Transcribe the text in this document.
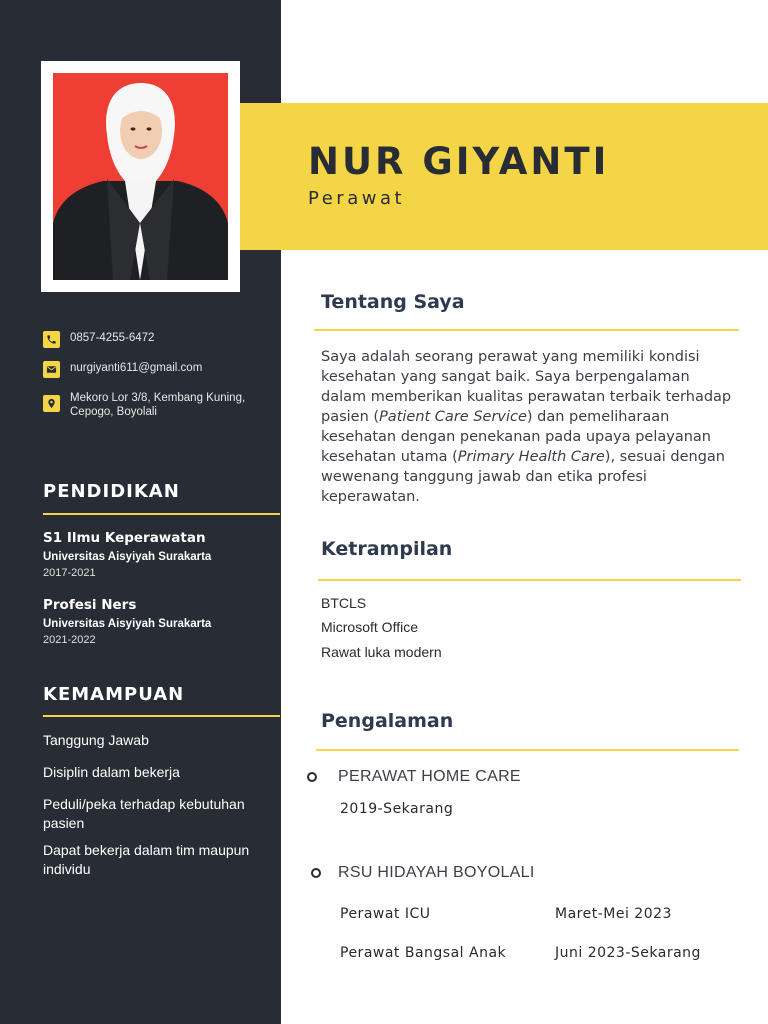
NUR GIYANTI
Perawat
0857-4255-6472
nurgiyanti611@gmail.com
Mekoro Lor 3/8, Kembang Kuning, Cepogo, Boyolali
PENDIDIKAN
S1 Ilmu Keperawatan
Universitas Aisyiyah Surakarta
2017-2021
Profesi Ners
Universitas Aisyiyah Surakarta
2021-2022
KEMAMPUAN
Tanggung Jawab
Disiplin dalam bekerja
Peduli/peka terhadap kebutuhan pasien
Dapat bekerja dalam tim maupun individu
Tentang Saya
Saya adalah seorang perawat yang memiliki kondisi kesehatan yang sangat baik. Saya berpengalaman dalam memberikan kualitas perawatan terbaik terhadap pasien (Patient Care Service) dan pemeliharaan kesehatan dengan penekanan pada upaya pelayanan kesehatan utama (Primary Health Care), sesuai dengan wewenang tanggung jawab dan etika profesi keperawatan.
Ketrampilan
BTCLS
Microsoft Office
Rawat luka modern
Pengalaman
PERAWAT HOME CARE
2019-Sekarang
RSU HIDAYAH BOYOLALI
Perawat ICU	Maret-Mei 2023
Perawat Bangsal Anak	Juni 2023-Sekarang
